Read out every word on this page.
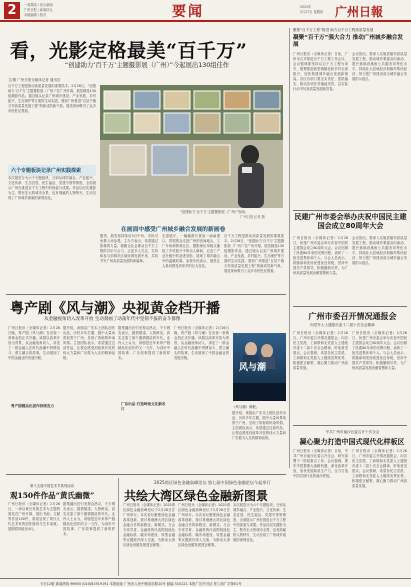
2	一周要闻 / 综合新闻
广州日报 / 新闻综合
本版编辑 / 校对	要闻	2025年
2月27日 星期四 广州日報
看，光影定格最美“百千万”
“创建助力‘百千万’主题摄影展（广州）”今起展出130组佳作
文/图 广州日报全媒体记者 通讯员
百千万工程是推动高质量发展的重要抓手。2月26日，“创建助力‘百千万’主题摄影展（广州）”在广州开幕，展览精选130组摄影作品，通过镜头记录广州城乡建设、产业发展、乡村振兴、生态保护等方面的生动实践，展现广州推进“百县千镇万村高质量发展工程”的新成效新气象。展览现场吸引了众多市民驻足观看。
六个专题板块记录广州实践探索
本次展览分为六个专题板块，分别从城乡融合、产业振兴、文化传承、生态宜居、民生福祉、党建引领等维度，全面展示广州在推进百千万工程中的探索与成果。作品以纪实摄影为主，既有宏大的城市全景，也有细腻的人物特写，生动呈现了广州城乡面貌的深刻变化。
“创建助力‘百千万’主题摄影展（广州）”现场。
广州日报记者 摄
在画面中感受广州城乡融合发展的新画卷
据悉，展览将持续至3月中旬，市民可免费入场参观。主办方表示，希望通过影像的力量，凝聚全社会推动百千万工程的共识与合力，让更多人关注、支持和参与到城乡区域协调发展中来，共同书写广州高质量发展的新篇章。
走进展厅，一幅幅照片犹如一扇扇窗口，带领观众走进广州的田间地头、工厂车间和街巷社区。摄影师们用镜头捕捉了乡村振兴中的动人瞬间，记录了产业升级中的奋进身影，展现了城乡融合中的温暖故事。参观市民表示，展览让人真切感受到家乡的巨大变化。
百千万工程是推动高质量发展的重要抓手。2月26日，“创建助力‘百千万’主题摄影展（广州）”在广州开幕，展览精选130组摄影作品，通过镜头记录广州城乡建设、产业发展、乡村振兴、生态保护等方面的生动实践，展现广州推进“百县千镇万村高质量发展工程”的新成效新气象。展览现场吸引了众多市民驻足观看。
聚焦“百千万工程”推进 助力百千万工程高质量发展
凝聚“百千万”强大合力 推动广州城乡融合发展
广州日报讯（全媒体记者）日前，广州市召开推进百千万工程工作会议，会议强调要坚持以百千万工程为牵引，统筹推进新型城镇化和乡村全面振兴，加快构建城乡融合发展新格局。各区各部门要压实责任、狠抓落实，推动各项任务落地见效，以实际行动书写高质量发展新答卷。
会议指出，要深入实施县镇村高质量发展工程，推动城乡要素双向流动，提升基础设施和公共服务均等化水平，持续壮大县域经济和镇村集体经济，努力把广州建设成为城乡融合发展的示范区。
民建广州市委会举办庆祝中国民主建国会成立80周年大会
广州日报讯（全媒体记者）2月26日，民建广州市委会举办庆祝中国民主建国会成立80周年大会。会议回顾了民建80年来的光辉历程，表彰了一批先进集体和个人。与会人员表示，将继承和发扬民建优良传统，坚持中国共产党领导，积极履职尽责，为广州高质量发展贡献智慧和力量。
会议指出，要深入实施县镇村高质量发展工程，推动城乡要素双向流动，提升基础设施和公共服务均等化水平，持续壮大县域经济和镇村集体经济，努力把广州建设成为城乡融合发展的示范区。
广州市委召开情况通报会
向党外人士通报市委十二届十次全会精神
广州日报讯（全媒体记者）2月26日，广州市委召开情况通报会，向各民主党派、工商联和无党派人士通报市委十二届十次全会精神，听取意见建议。会议强调，希望各民主党派、工商联和无党派人士继续发挥优势，积极建言献策，凝心聚力推动广州高质量发展。
广州日报讯（全媒体记者）2月26日，民建广州市委会举办庆祝中国民主建国会成立80周年大会。会议回顾了民建80年来的光辉历程，表彰了一批先进集体和个人。与会人员表示，将继承和发扬民建优良传统，坚持中国共产党领导，积极履职尽责，为广州高质量发展贡献智慧和力量。
中共广州市南沙区委召开十次全会
凝心聚力打造中国式现代化样板区
广州日报讯（全媒体记者）日前，中共广州市南沙区委召开全会，研究部署下一阶段重点工作。会议强调，要牢牢把握重大战略机遇，深化改革开放，加快发展新质生产力，全力打造中国式现代化的南沙样板。
广州日报讯（全媒体记者）2月26日，广州市委召开情况通报会，向各民主党派、工商联和无党派人士通报市委十二届十次全会精神，听取意见建议。会议强调，希望各民主党派、工商联和无党派人士继续发挥优势，积极建言献策，凝心聚力推动广州高质量发展。
粤产剧《风与潮》央视黄金档开播
从金融视角切入改革开放 生动刻画了动荡年代中坚韧不拔的奋斗群像
广州日报讯（全媒体记者）2月26日晚，粤产剧《风与潮》在央视一套黄金档正式开播。该剧以改革开放为背景，从金融视角切入，讲述了一群金融人在时代浪潮中拼搏奋斗、勇立潮头的故事，生动展现了中国金融业的发展历程。
粤产剧精品化创作持续发力
据介绍，该剧由广东本土团队创作出品，历时多年打磨，剧中大量场景取景于广州，呈现了浓郁的岭南风情。主创团队表示，希望通过这部作品，让观众感受到改革开放的伟大力量和广东敢为人先的精神品格。
剧集播出后引发观众热议，不少网友表示，剧情紧凑、人物鲜活，真实还原了那个激情燃烧的年代。业内人士认为，该剧是近年来粤产剧精品化创作的又一力作，为讲好中国故事、广东故事提供了新的样本。
广东出品 打造岭南文化新名片
广州日报讯（全媒体记者）2月26日晚，粤产剧《风与潮》在央视一套黄金档正式开播。该剧以改革开放为背景，从金融视角切入，讲述了一群金融人在时代浪潮中拼搏奋斗、勇立潮头的故事，生动展现了中国金融业的发展历程。
风与潮
《风与潮》海报。
据介绍，该剧由广东本土团队创作出品，历时多年打磨，剧中大量场景取景于广州，呈现了浓郁的岭南风情。主创团队表示，希望通过这部作品，让观众感受到改革开放的伟大力量和广东敢为人先的精神品格。
第十五届中国艺术节系列活动
观150件作品“黄氏幽微”
广州日报讯（全媒体记者）2月26日，一场以黄氏家族艺术为主题的展览在广州开幕，展出书画、文献等作品150件，系统呈现了黄氏几代艺术家的创作脉络与艺术成就，展期将持续至4月。
剧集播出后引发观众热议，不少网友表示，剧情紧凑、人物鲜活，真实还原了那个激情燃烧的年代。业内人士认为，该剧是近年来粤产剧精品化创作的又一力作，为讲好中国故事、广东故事提供了新的样本。
2025湾区绿色金融高峰论坛 第七届中国绿色金融论坛今起举行
共绘大湾区绿色金融新图景
广州日报讯（全媒体记者）2025湾区绿色金融高峰论坛于2月26日在广州举行。本次论坛聚焦绿色金融改革创新，探讨粤港澳大湾区绿色金融合作的新路径、新模式。与会专家学者、金融机构代表围绕绿色金融标准、碳市场建设、转型金融等议题展开深入交流，为推动大湾区绿色低碳发展建言献策。
广州日报讯（全媒体记者）2025湾区绿色金融高峰论坛于2月26日在广州举行。本次论坛聚焦绿色金融改革创新，探讨粤港澳大湾区绿色金融合作的新路径、新模式。与会专家学者、金融机构代表围绕绿色金融标准、碳市场建设、转型金融等议题展开深入交流，为推动大湾区绿色低碳发展建言献策。
本次展览分为六个专题板块，分别从城乡融合、产业振兴、文化传承、生态宜居、民生福祉、党建引领等维度，全面展示广州在推进百千万工程中的探索与成果。作品以纪实摄影为主，既有宏大的城市全景，也有细腻的人物特写，生动呈现了广州城乡面貌的深刻变化。
今日12版 新闻热线 96900 (020)81919191 本报地址 广州市人民中路同乐路10号 邮编 510121 本报广告许可证 粤工商广字第01号
